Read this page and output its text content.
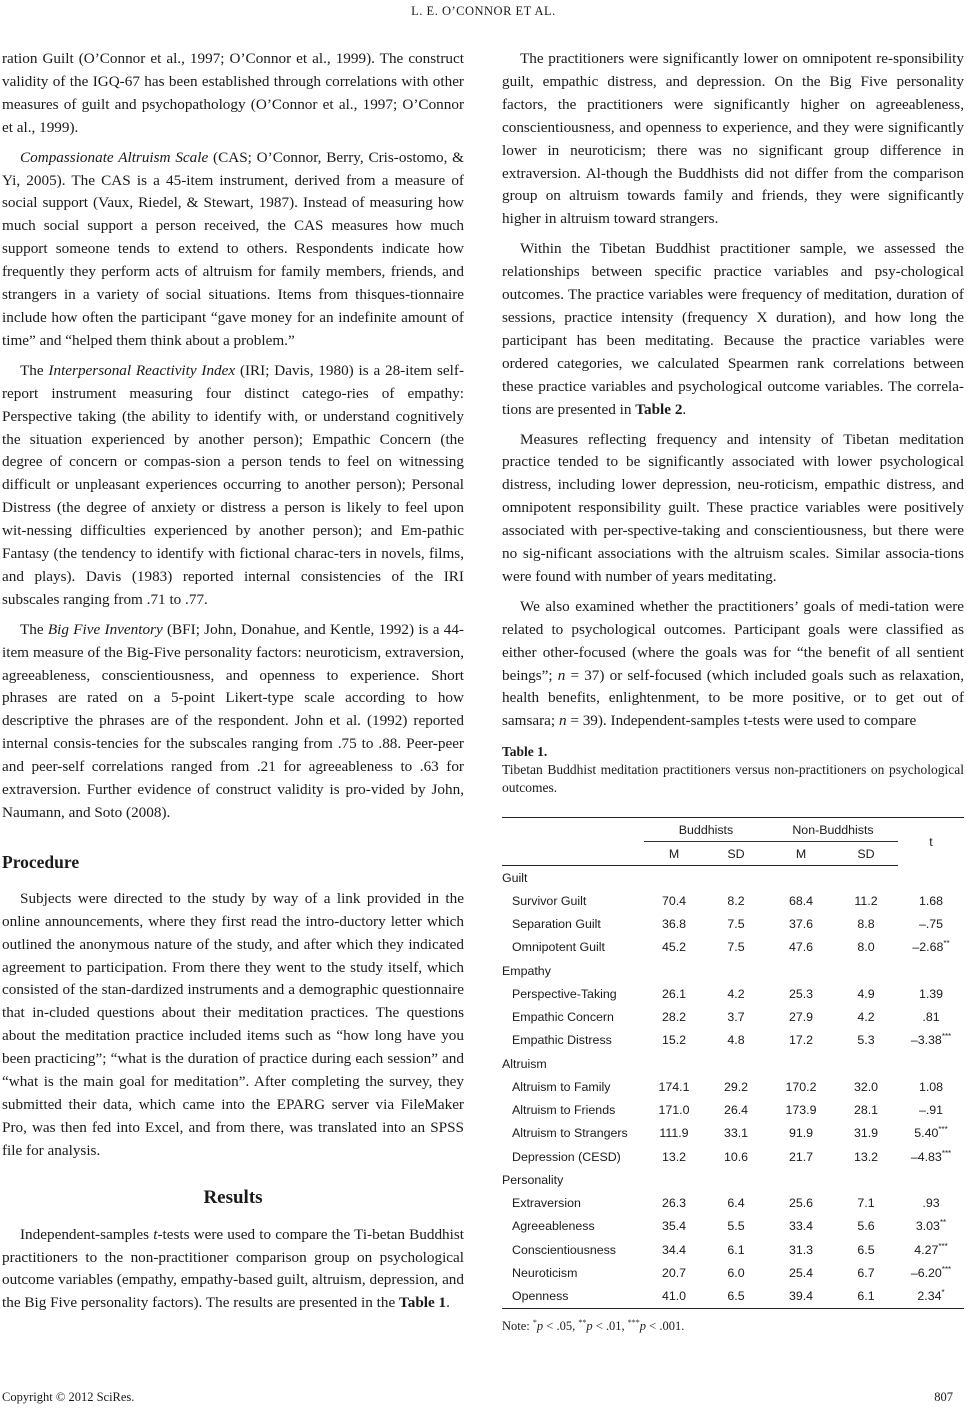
L. E. O’CONNOR ET AL.

ration Guilt (O’Connor et al., 1997; O’Connor et al., 1999). The construct validity of the IGQ-67 has been established through correlations with other measures of guilt and psychopathology (O’Connor et al., 1997; O’Connor et al., 1999).

Compassionate Altruism Scale (CAS; O’Connor, Berry, Cris-ostomo, & Yi, 2005). The CAS is a 45-item instrument, derived from a measure of social support (Vaux, Riedel, & Stewart, 1987). Instead of measuring how much social support a person received, the CAS measures how much support someone tends to extend to others. Respondents indicate how frequently they perform acts of altruism for family members, friends, and strangers in a variety of social situations. Items from thisques-tionnaire include how often the participant “gave money for an indefinite amount of time” and “helped them think about a problem.”

The Interpersonal Reactivity Index (IRI; Davis, 1980) is a 28-item self-report instrument measuring four distinct catego-ries of empathy: Perspective taking (the ability to identify with, or understand cognitively the situation experienced by another person); Empathic Concern (the degree of concern or compas-sion a person tends to feel on witnessing difficult or unpleasant experiences occurring to another person); Personal Distress (the degree of anxiety or distress a person is likely to feel upon wit-nessing difficulties experienced by another person); and Em-pathic Fantasy (the tendency to identify with fictional charac-ters in novels, films, and plays). Davis (1983) reported internal consistencies of the IRI subscales ranging from .71 to .77.

The Big Five Inventory (BFI; John, Donahue, and Kentle, 1992) is a 44-item measure of the Big-Five personality factors: neuroticism, extraversion, agreeableness, conscientiousness, and openness to experience. Short phrases are rated on a 5-point Likert-type scale according to how descriptive the phrases are of the respondent. John et al. (1992) reported internal consis-tencies for the subscales ranging from .75 to .88. Peer-peer and peer-self correlations ranged from .21 for agreeableness to .63 for extraversion. Further evidence of construct validity is pro-vided by John, Naumann, and Soto (2008).

Procedure

Subjects were directed to the study by way of a link provided in the online announcements, where they first read the intro-ductory letter which outlined the anonymous nature of the study, and after which they indicated agreement to participation. From there they went to the study itself, which consisted of the stan-dardized instruments and a demographic questionnaire that in-cluded questions about their meditation practices. The questions about the meditation practice included items such as “how long have you been practicing”; “what is the duration of practice during each session” and “what is the main goal for meditation”. After completing the survey, they submitted their data, which came into the EPARG server via FileMaker Pro, was then fed into Excel, and from there, was translated into an SPSS file for analysis.

Results

Independent-samples t-tests were used to compare the Ti-betan Buddhist practitioners to the non-practitioner comparison group on psychological outcome variables (empathy, empathy-based guilt, altruism, depression, and the Big Five personality factors). The results are presented in the Table 1.

The practitioners were significantly lower on omnipotent re-sponsibility guilt, empathic distress, and depression. On the Big Five personality factors, the practitioners were significantly higher on agreeableness, conscientiousness, and openness to experience, and they were significantly lower in neuroticism; there was no significant group difference in extraversion. Al-though the Buddhists did not differ from the comparison group on altruism towards family and friends, they were significantly higher in altruism toward strangers.

Within the Tibetan Buddhist practitioner sample, we assessed the relationships between specific practice variables and psy-chological outcomes. The practice variables were frequency of meditation, duration of sessions, practice intensity (frequency X duration), and how long the participant has been meditating. Because the practice variables were ordered categories, we calculated Spearmen rank correlations between these practice variables and psychological outcome variables. The correla-tions are presented in Table 2.

Measures reflecting frequency and intensity of Tibetan meditation practice tended to be significantly associated with lower psychological distress, including lower depression, neu-roticism, empathic distress, and omnipotent responsibility guilt. These practice variables were positively associated with per-spective-taking and conscientiousness, but there were no sig-nificant associations with the altruism scales. Similar associa-tions were found with number of years meditating.

We also examined whether the practitioners’ goals of medi-tation were related to psychological outcomes. Participant goals were classified as either other-focused (where the goals was for “the benefit of all sentient beings”; n = 37) or self-focused (which included goals such as relaxation, health benefits, enlightenment, to be more positive, or to get out of samsara; n = 39). Independent-samples t-tests were used to compare

Table 1.
Tibetan Buddhist meditation practitioners versus non-practitioners on psychological outcomes.
	Buddhists		Non-Buddhists		t
	M	SD	M	SD	
Guilt					
Survivor Guilt	70.4	8.2	68.4	11.2	1.68
Separation Guilt	36.8	7.5	37.6	8.8	–.75
Omnipotent Guilt	45.2	7.5	47.6	8.0	–2.68**
Empathy					
Perspective-Taking	26.1	4.2	25.3	4.9	1.39
Empathic Concern	28.2	3.7	27.9	4.2	.81
Empathic Distress	15.2	4.8	17.2	5.3	–3.38***
Altruism					
Altruism to Family	174.1	29.2	170.2	32.0	1.08
Altruism to Friends	171.0	26.4	173.9	28.1	–.91
Altruism to Strangers	111.9	33.1	91.9	31.9	5.40***
Depression (CESD)	13.2	10.6	21.7	13.2	–4.83***
Personality					
Extraversion	26.3	6.4	25.6	7.1	.93
Agreeableness	35.4	5.5	33.4	5.6	3.03**
Conscientiousness	34.4	6.1	31.3	6.5	4.27***
Neuroticism	20.7	6.0	25.4	6.7	–6.20***
Openness	41.0	6.5	39.4	6.1	2.34*
Note: *p < .05, **p < .01, ***p < .001.
Copyright © 2012 SciRes.	807
